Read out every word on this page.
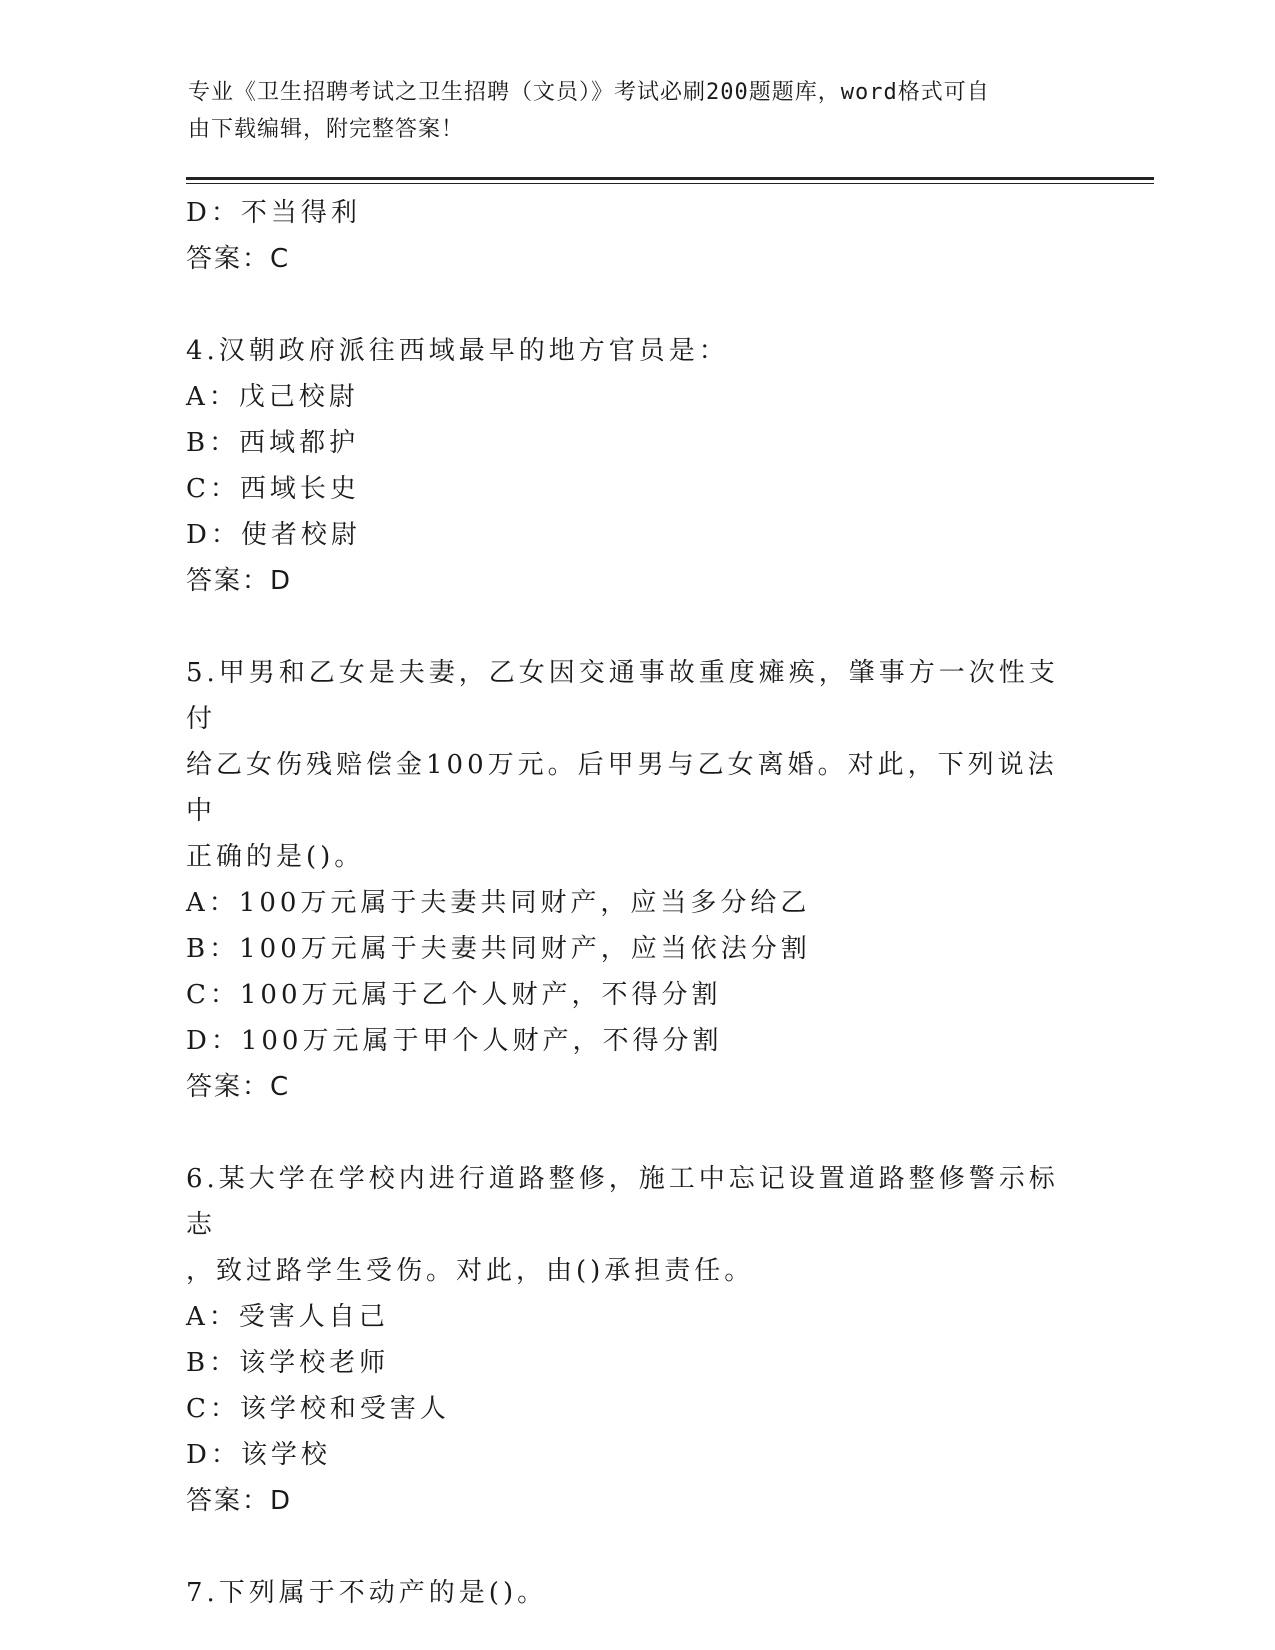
专业《卫生招聘考试之卫生招聘（文员）》考试必刷200题题库，word格式可自
由下载编辑，附完整答案！
D：不当得利
答案：C
4.汉朝政府派往西域最早的地方官员是：
A：戊己校尉
B：西域都护
C：西域长史
D：使者校尉
答案：D
5.甲男和乙女是夫妻，乙女因交通事故重度瘫痪，肇事方一次性支付
给乙女伤残赔偿金100万元。后甲男与乙女离婚。对此，下列说法中
正确的是()。
A：100万元属于夫妻共同财产，应当多分给乙
B：100万元属于夫妻共同财产，应当依法分割
C：100万元属于乙个人财产，不得分割
D：100万元属于甲个人财产，不得分割
答案：C
6.某大学在学校内进行道路整修，施工中忘记设置道路整修警示标志
，致过路学生受伤。对此，由()承担责任。
A：受害人自己
B：该学校老师
C：该学校和受害人
D：该学校
答案：D
7.下列属于不动产的是()。
